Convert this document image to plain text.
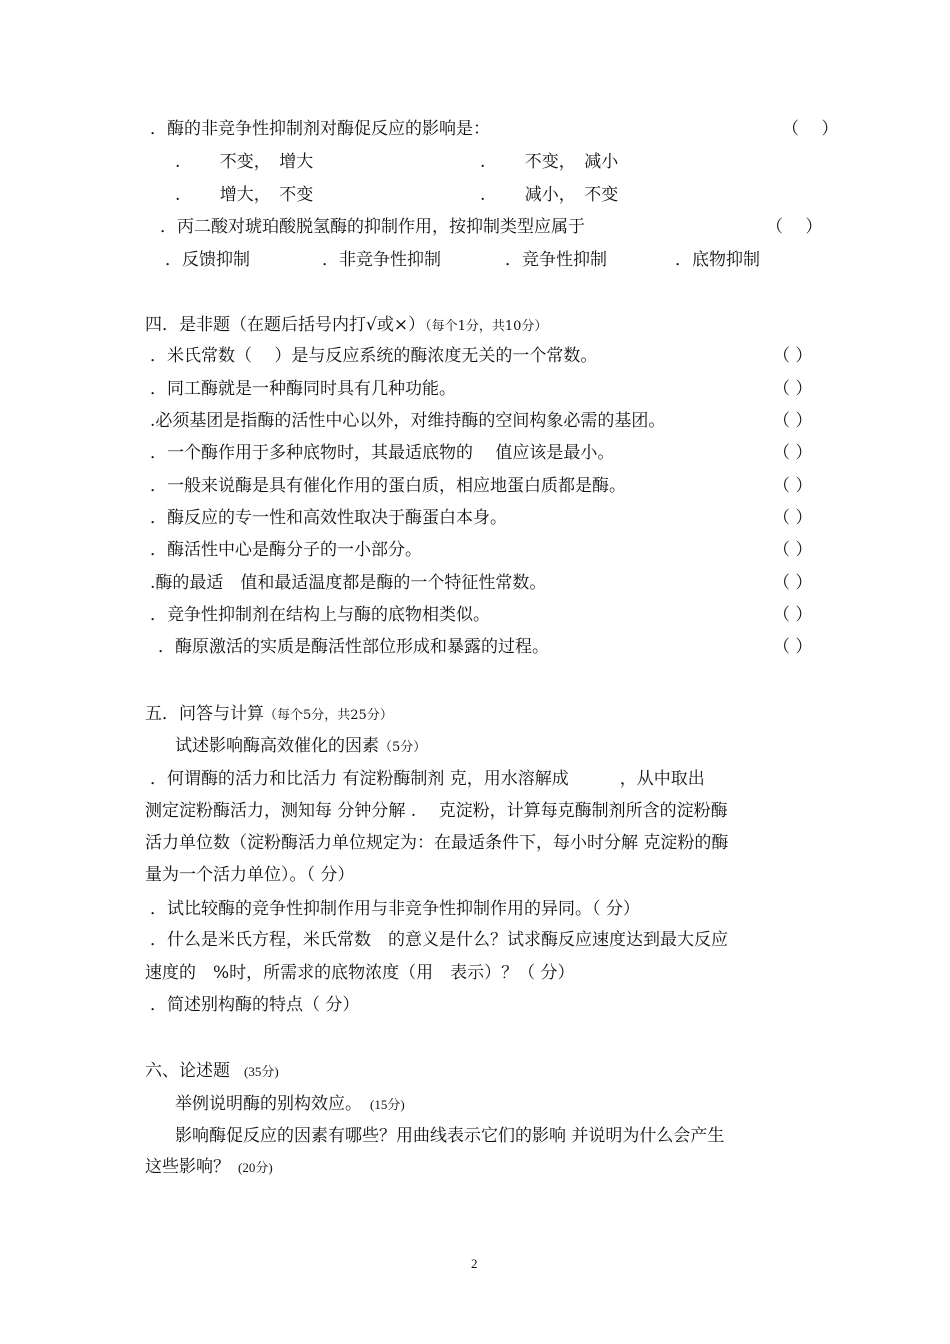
．酶的非竞争性抑制剂对酶促反应的影响是：	（　 ）
.　　 不变，　增大	.　　 不变，　减小
.　　 增大，　不变	.　　 减小，　不变
．丙二酸对琥珀酸脱氢酶的抑制作用，按抑制类型应属于	（　 ）
．反馈抑制	．非竞争性抑制	．竞争性抑制	．底物抑制
四．是非题（在题后括号内打√或×）（每个1分，共10分）
．米氏常数（　 ）是与反应系统的酶浓度无关的一个常数。	（ ）
．同工酶就是一种酶同时具有几种功能。	（ ）
.必须基团是指酶的活性中心以外，对维持酶的空间构象必需的基团。	（ ）
．一个酶作用于多种底物时，其最适底物的　 值应该是最小。	（ ）
．一般来说酶是具有催化作用的蛋白质，相应地蛋白质都是酶。	（ ）
．酶反应的专一性和高效性取决于酶蛋白本身。	（ ）
．酶活性中心是酶分子的一小部分。	（ ）
.酶的最适　值和最适温度都是酶的一个特征性常数。	（ ）
．竞争性抑制剂在结构上与酶的底物相类似。	（ ）
．酶原激活的实质是酶活性部位形成和暴露的过程。	（ ）
五．问答与计算（每个5分，共25分）
试述影响酶高效催化的因素（5分）
．何谓酶的活力和比活力 有淀粉酶制剂 克，用水溶解成　　　，从中取出
测定淀粉酶活力，测知每 分钟分解 .　 克淀粉，计算每克酶制剂所含的淀粉酶
活力单位数（淀粉酶活力单位规定为：在最适条件下，每小时分解 克淀粉的酶
量为一个活力单位）。（ 分）
．试比较酶的竞争性抑制作用与非竞争性抑制作用的异同。（ 分）
．什么是米氏方程，米氏常数　的意义是什么？试求酶反应速度达到最大反应
速度的　%时，所需求的底物浓度（用　表示）？（ 分）
．简述别构酶的特点（ 分）
六、论述题 (35分)
举例说明酶的别构效应。 (15分)
影响酶促反应的因素有哪些？用曲线表示它们的影响 并说明为什么会产生
这些影响？ (20分)
2
